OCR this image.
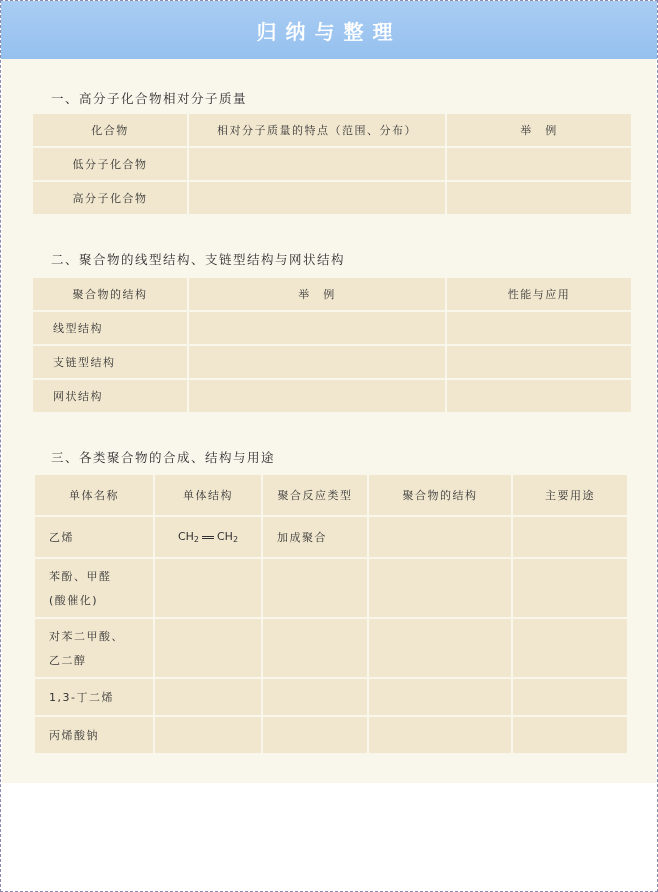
归纳与整理
一、高分子化合物相对分子质量
化合物	相对分子质量的特点（范围、分布）	举　例
低分子化合物		
高分子化合物		
二、聚合物的线型结构、支链型结构与网状结构
聚合物的结构	举　例	性能与应用
线型结构		
支链型结构		
网状结构		
三、各类聚合物的合成、结构与用途
单体名称	单体结构	聚合反应类型	聚合物的结构	主要用途
乙烯	$CH_2$ $CH_2$	加成聚合		

苯酚、甲醛
(酸催化)				

对苯二甲酸、
乙二醇				

1,3-丁二烯				
丙烯酸钠				
